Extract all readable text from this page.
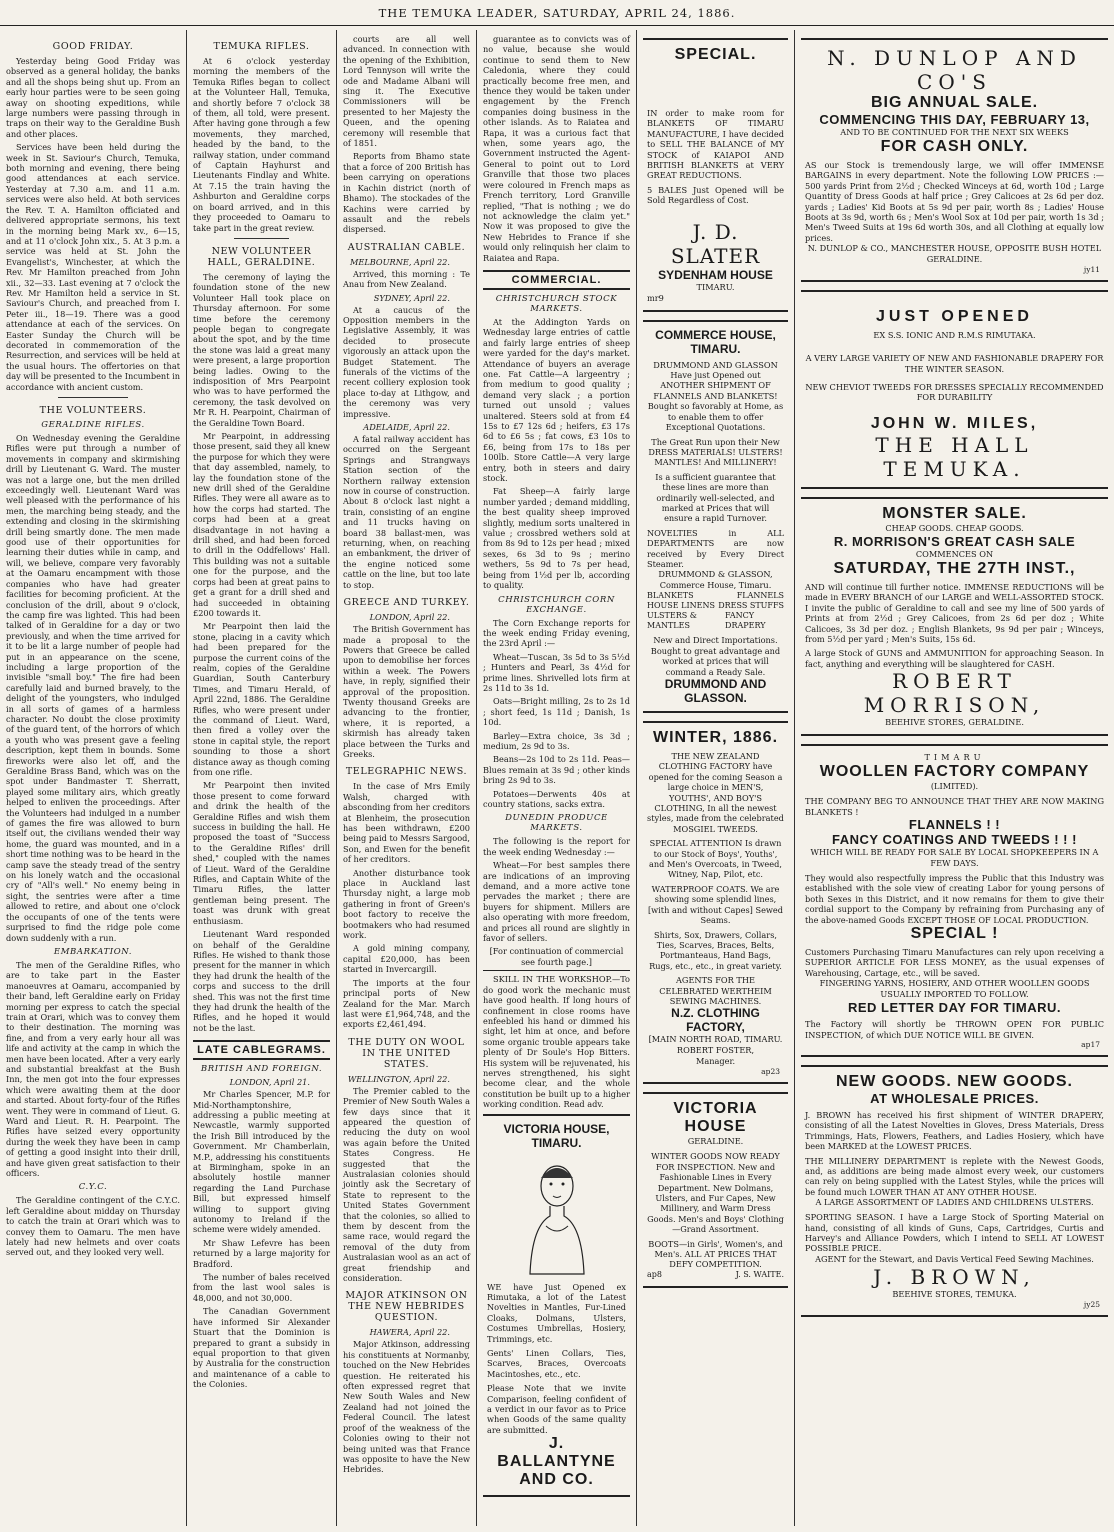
THE TEMUKA LEADER, SATURDAY, APRIL 24, 1886.
GOOD FRIDAY.

Yesterday being Good Friday was observed as a general holiday, the banks and all the shops being shut up. From an early hour parties were to be seen going away on shooting expeditions, while large numbers were passing through in traps on their way to the Geraldine Bush and other places.

Services have been held during the week in St. Saviour's Church, Temuka, both morning and evening, there being good attendances at each service. Yesterday at 7.30 a.m. and 11 a.m. services were also held. At both services the Rev. T. A. Hamilton officiated and delivered appropriate sermons, his text in the morning being Mark xv., 6—15, and at 11 o'clock John xix., 5. At 3 p.m. a service was held at St. John the Evangelist's, Winchester, at which the Rev. Mr Hamilton preached from John xii., 32—33. Last evening at 7 o'clock the Rev. Mr Hamilton held a service in St. Saviour's Church, and preached from I. Peter iii., 18—19. There was a good attendance at each of the services. On Easter Sunday the Church will be decorated in commemoration of the Resurrection, and services will be held at the usual hours. The offertories on that day will be presented to the Incumbent in accordance with ancient custom.

THE VOLUNTEERS.
GERALDINE RIFLES.

On Wednesday evening the Geraldine Rifles were put through a number of movements in company and skirmishing drill by Lieutenant G. Ward. The muster was not a large one, but the men drilled exceedingly well. Lieutenant Ward was well pleased with the performance of his men, the marching being steady, and the extending and closing in the skirmishing drill being smartly done. The men made good use of their opportunities for learning their duties while in camp, and will, we believe, compare very favorably at the Oamaru encampment with those companies who have had greater facilities for becoming proficient. At the conclusion of the drill, about 9 o'clock, the camp fire was lighted. This had been talked of in Geraldine for a day or two previously, and when the time arrived for it to be lit a large number of people had put in an appearance on the scene, including a large proportion of the invisible "small boy." The fire had been carefully laid and burned bravely, to the delight of the youngsters, who indulged in all sorts of games of a harmless character. No doubt the close proximity of the guard tent, of the horrors of which a youth who was present gave a feeling description, kept them in bounds. Some fireworks were also let off, and the Geraldine Brass Band, which was on the spot under Bandmaster T. Sherratt, played some military airs, which greatly helped to enliven the proceedings. After the Volunteers had indulged in a number of games the fire was allowed to burn itself out, the civilians wended their way home, the guard was mounted, and in a short time nothing was to be heard in the camp save the steady tread of the sentry on his lonely watch and the occasional cry of "All's well." No enemy being in sight, the sentries were after a time allowed to retire, and about one o'clock the occupants of one of the tents were surprised to find the ridge pole come down suddenly with a run.

EMBARKATION.

The men of the Geraldine Rifles, who are to take part in the Easter manoeuvres at Oamaru, accompanied by their band, left Geraldine early on Friday morning per express to catch the special train at Orari, which was to convey them to their destination. The morning was fine, and from a very early hour all was life and activity at the camp in which the men have been located. After a very early and substantial breakfast at the Bush Inn, the men got into the four expresses which were awaiting them at the door and started. About forty-four of the Rifles went. They were in command of Lieut. G. Ward and Lieut. R. H. Pearpoint. The Rifles have seized every opportunity during the week they have been in camp of getting a good insight into their drill, and have given great satisfaction to their officers.

C.Y.C.

The Geraldine contingent of the C.Y.C. left Geraldine about midday on Thursday to catch the train at Orari which was to convey them to Oamaru. The men have lately had new helmets and over coats served out, and they looked very well.

TEMUKA RIFLES.

At 6 o'clock yesterday morning the members of the Temuka Rifles began to collect at the Volunteer Hall, Temuka, and shortly before 7 o'clock 38 of them, all told, were present. After having gone through a few movements, they marched, headed by the band, to the railway station, under command of Captain Hayhurst and Lieutenants Findlay and White. At 7.15 the train having the Ashburton and Geraldine corps on board arrived, and in this they proceeded to Oamaru to take part in the great review.

NEW VOLUNTEER HALL, GERALDINE.

The ceremony of laying the foundation stone of the new Volunteer Hall took place on Thursday afternoon. For some time before the ceremony people began to congregate about the spot, and by the time the stone was laid a great many were present, a large proportion being ladies. Owing to the indisposition of Mrs Pearpoint who was to have performed the ceremony, the task devolved on Mr R. H. Pearpoint, Chairman of the Geraldine Town Board.

Mr Pearpoint, in addressing those present, said they all knew the purpose for which they were that day assembled, namely, to lay the foundation stone of the new drill shed of the Geraldine Rifles. They were all aware as to how the corps had started. The corps had been at a great disadvantage in not having a drill shed, and had been forced to drill in the Oddfellows' Hall. This building was not a suitable one for the purpose, and the corps had been at great pains to get a grant for a drill shed and had succeeded in obtaining £200 towards it.

Mr Pearpoint then laid the stone, placing in a cavity which had been prepared for the purpose the current coins of the realm, copies of the Geraldine Guardian, South Canterbury Times, and Timaru Herald, of April 22nd, 1886. The Geraldine Rifles, who were present under the command of Lieut. Ward, then fired a volley over the stone in capital style, the report sounding to those a short distance away as though coming from one rifle.

Mr Pearpoint then invited those present to come forward and drink the health of the Geraldine Rifles and wish them success in building the hall. He proposed the toast of "Success to the Geraldine Rifles' drill shed," coupled with the names of Lieut. Ward of the Geraldine Rifles, and Captain White of the Timaru Rifles, the latter gentleman being present. The toast was drunk with great enthusiasm.

Lieutenant Ward responded on behalf of the Geraldine Rifles. He wished to thank those present for the manner in which they had drunk the health of the corps and success to the drill shed. This was not the first time they had drunk the health of the Rifles, and he hoped it would not be the last.

LATE CABLEGRAMS.
BRITISH AND FOREIGN.
LONDON, April 21.

Mr Charles Spencer, M.P. for Mid-Northamptonshire, addressing a public meeting at Newcastle, warmly supported the Irish Bill introduced by the Government. Mr Chamberlain, M.P., addressing his constituents at Birmingham, spoke in an absolutely hostile manner regarding the Land Purchase Bill, but expressed himself willing to support giving autonomy to Ireland if the scheme were widely amended.

Mr Shaw Lefevre has been returned by a large majority for Bradford.

The number of bales received from the last wool sales is 48,000, and not 30,000.

The Canadian Government have informed Sir Alexander Stuart that the Dominion is prepared to grant a subsidy in equal proportion to that given by Australia for the construction and maintenance of a cable to the Colonies.

courts are all well advanced. In connection with the opening of the Exhibition, Lord Tennyson will write the ode and Madame Albani will sing it. The Executive Commissioners will be presented to her Majesty the Queen, and the opening ceremony will resemble that of 1851.

Reports from Bhamo state that a force of 200 British has been carrying on operations in Kachin district (north of Bhamo). The stockades of the Kachins were carried by assault and the rebels dispersed.

AUSTRALIAN CABLE.
MELBOURNE, April 22.

Arrived, this morning : Te Anau from New Zealand.

SYDNEY, April 22.

At a caucus of the Opposition members in the Legislative Assembly, it was decided to prosecute vigorously an attack upon the Budget Statement. The funerals of the victims of the recent colliery explosion took place to-day at Lithgow, and the ceremony was very impressive.

ADELAIDE, April 22.

A fatal railway accident has occurred on the Sergeant Springs and Strangways Station section of the Northern railway extension now in course of construction. About 8 o'clock last night a train, consisting of an engine and 11 trucks having on board 38 ballast-men, was returning, when, on reaching an embankment, the driver of the engine noticed some cattle on the line, but too late to stop.

GREECE AND TURKEY.
LONDON, April 22.

The British Government has made a proposal to the Powers that Greece be called upon to demobilise her forces within a week. The Powers have, in reply, signified their approval of the proposition. Twenty thousand Greeks are advancing to the frontier, where, it is reported, a skirmish has already taken place between the Turks and Greeks.

TELEGRAPHIC NEWS.

In the case of Mrs Emily Walsh, charged with absconding from her creditors at Blenheim, the prosecution has been withdrawn, £200 being paid to Messrs Sargood, Son, and Ewen for the benefit of her creditors.

Another disturbance took place in Auckland last Thursday night, a large mob gathering in front of Green's boot factory to receive the bootmakers who had resumed work.

A gold mining company, capital £20,000, has been started in Invercargill.

The imports at the four principal ports of New Zealand for the Mar. March last were £1,964,748, and the exports £2,461,494.

THE DUTY ON WOOL IN THE UNITED STATES.
WELLINGTON, April 22.

The Premier cabled to the Premier of New South Wales a few days since that it appeared the question of reducing the duty on wool was again before the United States Congress. He suggested that the Australasian colonies should jointly ask the Secretary of State to represent to the United States Government that the colonies, so allied to them by descent from the same race, would regard the removal of the duty from Australasian wool as an act of great friendship and consideration.

MAJOR ATKINSON ON THE NEW HEBRIDES QUESTION.
HAWERA, April 22.

Major Atkinson, addressing his constituents at Normanby, touched on the New Hebrides question. He reiterated his often expressed regret that New South Wales and New Zealand had not joined the Federal Council. The latest proof of the weakness of the Colonies owing to their not being united was that France was opposite to have the New Hebrides.

guarantee as to convicts was of no value, because she would continue to send them to New Caledonia, where they could practically become free men, and thence they would be taken under engagement by the French companies doing business in the other islands. As to Raiatea and Rapa, it was a curious fact that when, some years ago, the Government instructed the Agent-General to point out to Lord Granville that those two places were coloured in French maps as French territory, Lord Granville replied, "That is nothing ; we do not acknowledge the claim yet." Now it was proposed to give the New Hebrides to France if she would only relinquish her claim to Raiatea and Rapa.

COMMERCIAL.
CHRISTCHURCH STOCK MARKETS.

At the Addington Yards on Wednesday large entries of cattle and fairly large entries of sheep were yarded for the day's market. Attendance of buyers an average one. Fat Cattle—A largeentry ; from medium to good quality ; demand very slack ; a portion turned out unsold ; values unaltered. Steers sold at from £4 15s to £7 12s 6d ; heifers, £3 17s 6d to £6 5s ; fat cows, £3 10s to £6, being from 17s to 18s per 100lb. Store Cattle—A very large entry, both in steers and dairy stock.

Fat Sheep—A fairly large number yarded ; demand middling, the best quality sheep improved slightly, medium sorts unaltered in value ; crossbred wethers sold at from 8s 9d to 12s per head ; mixed sexes, 6s 3d to 9s ; merino wethers, 5s 9d to 7s per head, being from 1½d per lb, according to quality.

CHRISTCHURCH CORN EXCHANGE.

The Corn Exchange reports for the week ending Friday evening, the 23rd April :—

Wheat—Tuscan, 3s 5d to 3s 5½d ; Hunters and Pearl, 3s 4½d for prime lines. Shrivelled lots firm at 2s 11d to 3s 1d.

Oats—Bright milling, 2s to 2s 1d ; short feed, 1s 11d ; Danish, 1s 10d.

Barley—Extra choice, 3s 3d ; medium, 2s 9d to 3s.

Beans—2s 10d to 2s 11d. Peas—Blues remain at 3s 9d ; other kinds bring 2s 9d to 3s.

Potatoes—Derwents 40s at country stations, sacks extra.

DUNEDIN PRODUCE MARKETS.

The following is the report for the week ending Wednesday :—

Wheat—For best samples there are indications of an improving demand, and a more active tone pervades the market ; there are buyers for shipment. Millers are also operating with more freedom, and prices all round are slightly in favor of sellers.

[For continuation of commercial see fourth page.]

SKILL IN THE WORKSHOP.—To do good work the mechanic must have good health. If long hours of confinement in close rooms have enfeebled his hand or dimmed his sight, let him at once, and before some organic trouble appears take plenty of Dr Soule's Hop Bitters. His system will be rejuvenated, his nerves strengthened, his sight become clear, and the whole constitution be built up to a higher working condition. Read adv.

VICTORIA HOUSE, TIMARU.
WE have Just Opened ex Rimutaka, a lot of the Latest Novelties in Mantles, Fur-Lined Cloaks, Dolmans, Ulsters, Costumes Umbrellas, Hosiery, Trimmings, etc.
Gents' Linen Collars, Ties, Scarves, Braces, Overcoats Macintoshes, etc., etc.
Please Note that we invite Comparison, feeling confident of a verdict in our favor as to Price when Goods of the same quality are submitted.
J. BALLANTYNE AND CO.
SPECIAL.
IN order to make room for BLANKETS OF TIMARU MANUFACTURE, I have decided to SELL THE BALANCE of MY STOCK of KAIAPOI AND BRITISH BLANKETS at VERY GREAT REDUCTIONS.
5 BALES Just Opened will be Sold Regardless of Cost.
J. D. SLATER
SYDENHAM HOUSE
TIMARU.
mr9
COMMERCE HOUSE, TIMARU.
DRUMMOND AND GLASSON Have just Opened out ANOTHER SHIPMENT OF FLANNELS AND BLANKETS! Bought so favorably at Home, as to enable them to offer Exceptional Quotations.
The Great Run upon their New DRESS MATERIALS! ULSTERS! MANTLES! And MILLINERY!
Is a sufficient guarantee that these lines are more than ordinarily well-selected, and marked at Prices that will ensure a rapid Turnover.
NOVELTIES in ALL DEPARTMENTS are now received by Every Direct Steamer.
DRUMMOND & GLASSON, Commerce House, Timaru.
BLANKETS	FLANNELS
HOUSE LINENS DRESS STUFFS
ULSTERS & MANTLES
FANCY DRAPERY
New and Direct Importations. Bought to great advantage and worked at prices that will command a Ready Sale.
DRUMMOND AND GLASSON.
WINTER, 1886.
THE NEW ZEALAND CLOTHING FACTORY have opened for the coming Season a large choice in MEN'S, YOUTHS', AND BOY'S CLOTHING, In all the newest styles, made from the celebrated MOSGIEL TWEEDS.
SPECIAL ATTENTION Is drawn to our Stock of Boys', Youths', and Men's Overcoats, in Tweed, Witney, Nap, Pilot, etc.
WATERPROOF COATS. We are showing some splendid lines, [with and without Capes] Sewed Seams.
Shirts, Sox, Drawers, Collars, Ties, Scarves, Braces, Belts, Portmanteaus, Hand Bags, Rugs, etc., etc., in great variety.
AGENTS FOR THE CELEBRATED WERTHEIM SEWING MACHINES.
N.Z. CLOTHING FACTORY,
[MAIN NORTH ROAD, TIMARU.
ROBERT FOSTER,
Manager.
ap23
VICTORIA HOUSE
GERALDINE.
WINTER GOODS NOW READY FOR INSPECTION. New and Fashionable Lines in Every Department. New Dolmans, Ulsters, and Fur Capes, New Millinery, and Warm Dress Goods. Men's and Boys' Clothing—Grand Assortment.
BOOTS—in Girls', Women's, and Men's. ALL AT PRICES THAT DEFY COMPETITION.
ap8	J. S. WAITE.
N. DUNLOP AND CO'S
BIG ANNUAL SALE.
COMMENCING THIS DAY, FEBRUARY 13,
AND TO BE CONTINUED FOR THE NEXT SIX WEEKS
FOR CASH ONLY.
AS our Stock is tremendously large, we will offer IMMENSE BARGAINS in every department. Note the following LOW PRICES :—500 yards Print from 2½d ; Checked Winceys at 6d, worth 10d ; Large Quantity of Dress Goods at half price ; Grey Calicoes at 2s 6d per doz. yards ; Ladies' Kid Boots at 5s 9d per pair, worth 8s ; Ladies' House Boots at 3s 9d, worth 6s ; Men's Wool Sox at 10d per pair, worth 1s 3d ; Men's Tweed Suits at 19s 6d worth 30s, and all Clothing at equally low prices.
N. DUNLOP & CO., MANCHESTER HOUSE, OPPOSITE BUSH HOTEL GERALDINE.
jy11
JUST OPENED
EX S.S. IONIC AND R.M.S RIMUTAKA.
A VERY LARGE VARIETY OF NEW AND FASHIONABLE DRAPERY FOR THE WINTER SEASON.
NEW CHEVIOT TWEEDS FOR DRESSES SPECIALLY RECOMMENDED FOR DURABILITY
JOHN W. MILES,
THE HALL TEMUKA.
MONSTER SALE.
CHEAP GOODS. CHEAP GOODS.
R. MORRISON'S GREAT CASH SALE
COMMENCES ON
SATURDAY, THE 27TH INST.,
AND will continue till further notice. IMMENSE REDUCTIONS will be made in EVERY BRANCH of our LARGE and WELL-ASSORTED STOCK. I invite the public of Geraldine to call and see my line of 500 yards of Prints at from 2½d ; Grey Calicoes, from 2s 6d per doz ; White Calicoes, 3s 3d per doz. ; English Blankets, 9s 9d per pair ; Winceys, from 5½d per yard ; Men's Suits, 15s 6d.
A large Stock of GUNS and AMMUNITION for approaching Season. In fact, anything and everything will be slaughtered for CASH.
ROBERT MORRISON,
BEEHIVE STORES, GERALDINE.
TIMARU
WOOLLEN FACTORY COMPANY
(LIMITED).
THE COMPANY BEG TO ANNOUNCE THAT THEY ARE NOW MAKING BLANKETS !
FLANNELS ! !
FANCY COATINGS AND TWEEDS ! ! !
WHICH WILL BE READY FOR SALE BY LOCAL SHOPKEEPERS IN A FEW DAYS.
They would also respectfully impress the Public that this Industry was established with the sole view of creating Labor for young persons of both Sexes in this District, and it now remains for them to give their cordial support to the Company by refraining from Purchasing any of the above-named Goods EXCEPT THOSE OF LOCAL PRODUCTION.
SPECIAL !
Customers Purchasing Timaru Manufactures can rely upon receiving a SUPERIOR ARTICLE FOR LESS MONEY, as the usual expenses of Warehousing, Cartage, etc., will be saved.
FINGERING YARNS, HOSIERY, AND OTHER WOOLLEN GOODS USUALLY IMPORTED TO FOLLOW.
RED LETTER DAY FOR TIMARU.
The Factory will shortly be THROWN OPEN FOR PUBLIC INSPECTION, of which DUE NOTICE WILL BE GIVEN.
ap17
NEW GOODS. NEW GOODS.
AT WHOLESALE PRICES.
J. BROWN has received his first shipment of WINTER DRAPERY, consisting of all the Latest Novelties in Gloves, Dress Materials, Dress Trimmings, Hats, Flowers, Feathers, and Ladies Hosiery, which have been MARKED at the LOWEST PRICES.
THE MILLINERY DEPARTMENT is replete with the Newest Goods, and, as additions are being made almost every week, our customers can rely on being supplied with the Latest Styles, while the prices will be found much LOWER THAN AT ANY OTHER HOUSE.
A LARGE ASSORTMENT OF LADIES AND CHILDRENS ULSTERS.
SPORTING SEASON. I have a Large Stock of Sporting Material on hand, consisting of all kinds of Guns, Caps, Cartridges, Curtis and Harvey's and Alliance Powders, which I intend to SELL AT LOWEST POSSIBLE PRICE.
AGENT for the Stewart, and Davis Vertical Feed Sewing Machines.
J. BROWN,
BEEHIVE STORES, TEMUKA.
jy25
